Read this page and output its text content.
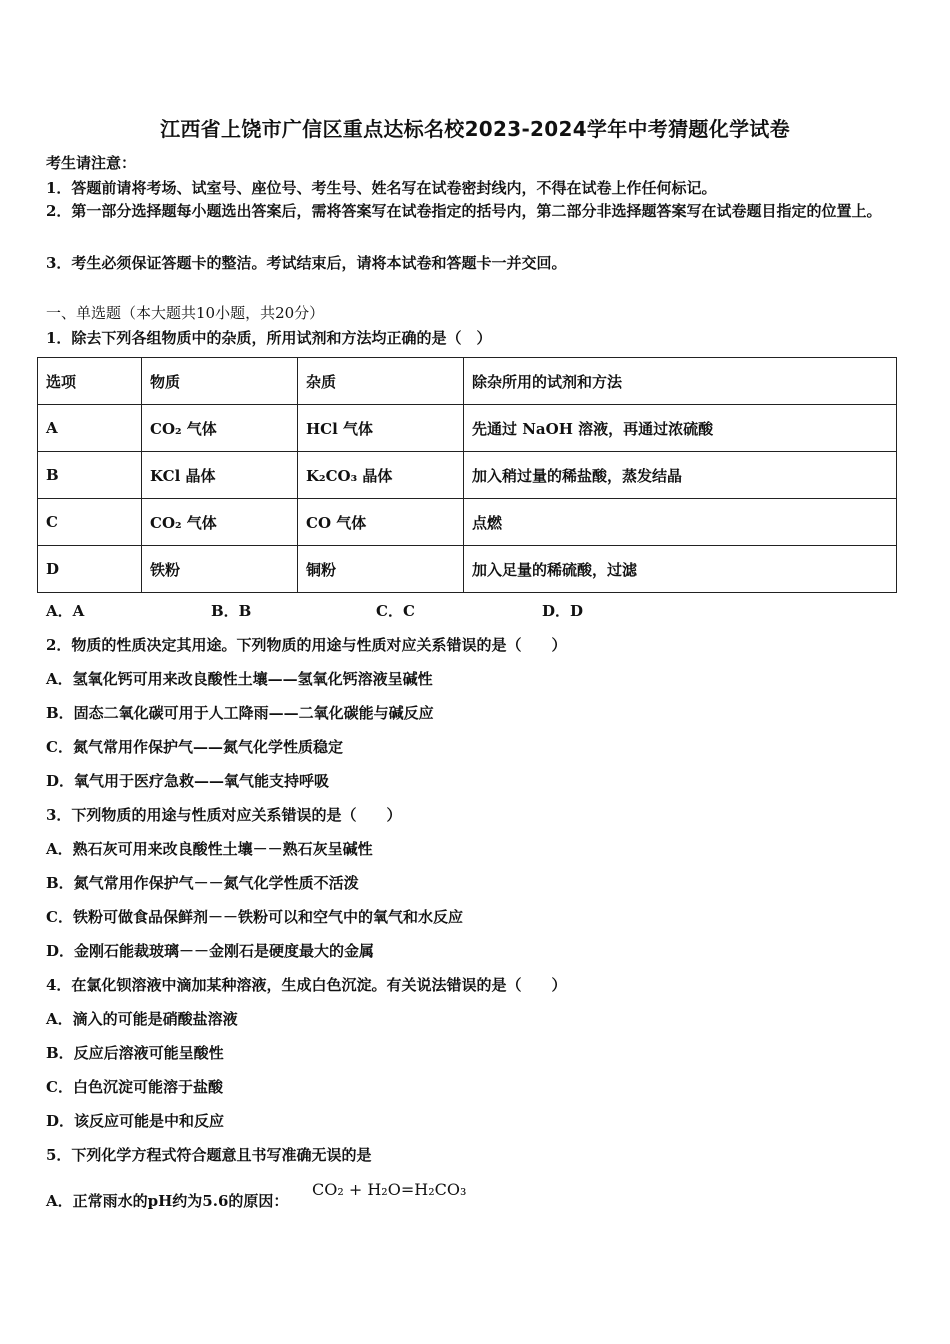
江西省上饶市广信区重点达标名校2023-2024学年中考猜题化学试卷
考生请注意：
1．答题前请将考场、试室号、座位号、考生号、姓名写在试卷密封线内，不得在试卷上作任何标记。
2．第一部分选择题每小题选出答案后，需将答案写在试卷指定的括号内，第二部分非选择题答案写在试卷题目指定的位置上。
3．考生必须保证答题卡的整洁。考试结束后，请将本试卷和答题卡一并交回。
一、单选题（本大题共10小题，共20分）
1．除去下列各组物质中的杂质，所用试剂和方法均正确的是（　）
选项	物质	杂质	除杂所用的试剂和方法
A	CO₂ 气体	HCl 气体	先通过 NaOH 溶液，再通过浓硫酸
B	KCl 晶体	K₂CO₃ 晶体	加入稍过量的稀盐酸，蒸发结晶
C	CO₂ 气体	CO 气体	点燃
D	铁粉	铜粉	加入足量的稀硫酸，过滤
A．A	B．B	C．C	D．D
2．物质的性质决定其用途。下列物质的用途与性质对应关系错误的是（　　）
A．氢氧化钙可用来改良酸性土壤——氢氧化钙溶液呈碱性
B．固态二氧化碳可用于人工降雨——二氧化碳能与碱反应
C．氮气常用作保护气——氮气化学性质稳定
D．氧气用于医疗急救——氧气能支持呼吸
3．下列物质的用途与性质对应关系错误的是（　　）
A．熟石灰可用来改良酸性土壤－－熟石灰呈碱性
B．氮气常用作保护气－－氮气化学性质不活泼
C．铁粉可做食品保鲜剂－－铁粉可以和空气中的氧气和水反应
D．金刚石能裁玻璃－－金刚石是硬度最大的金属
4．在氯化钡溶液中滴加某种溶液，生成白色沉淀。有关说法错误的是（　　）
A．滴入的可能是硝酸盐溶液
B．反应后溶液可能呈酸性
C．白色沉淀可能溶于盐酸
D．该反应可能是中和反应
5．下列化学方程式符合题意且书写准确无误的是
A．正常雨水的pH约为5.6的原因：
CO₂ + H₂O=H₂CO₃
